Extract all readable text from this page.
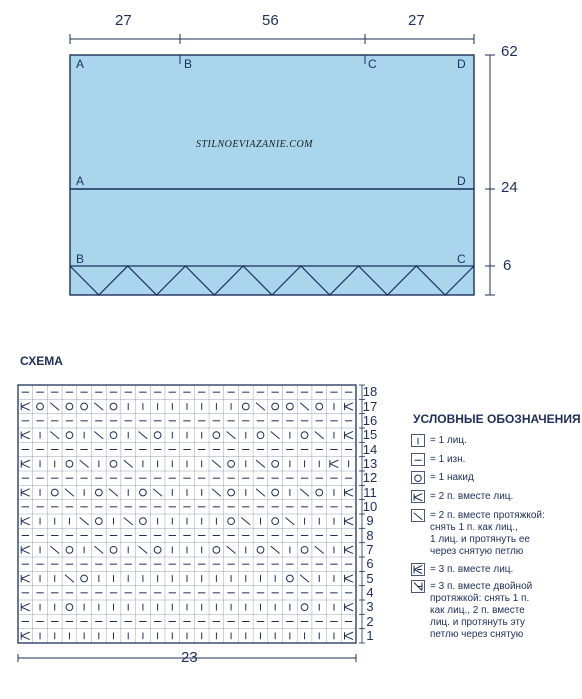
27	56	27
62
24
6
A	B	C	D
A	D
B	C
STILNOEVIAZANIE.COM
СХЕМА
23
1
2
3
4
5
6
7
8
9
10
11
12
13
14
15
16
17
18
УСЛОВНЫЕ ОБОЗНАЧЕНИЯ
= 1 лиц.
= 1 изн.
= 1 накид
= 2 п. вместе лиц.
= 2 п. вместе протяжкой:
снять 1 п. как лиц.,
1 лиц. и протянуть ее
через снятую петлю
= 3 п. вместе лиц.
= 3 п. вместе двойной
протяжкой: снять 1 п.
как лиц., 2 п. вместе
лиц. и протянуть эту
петлю через снятую
